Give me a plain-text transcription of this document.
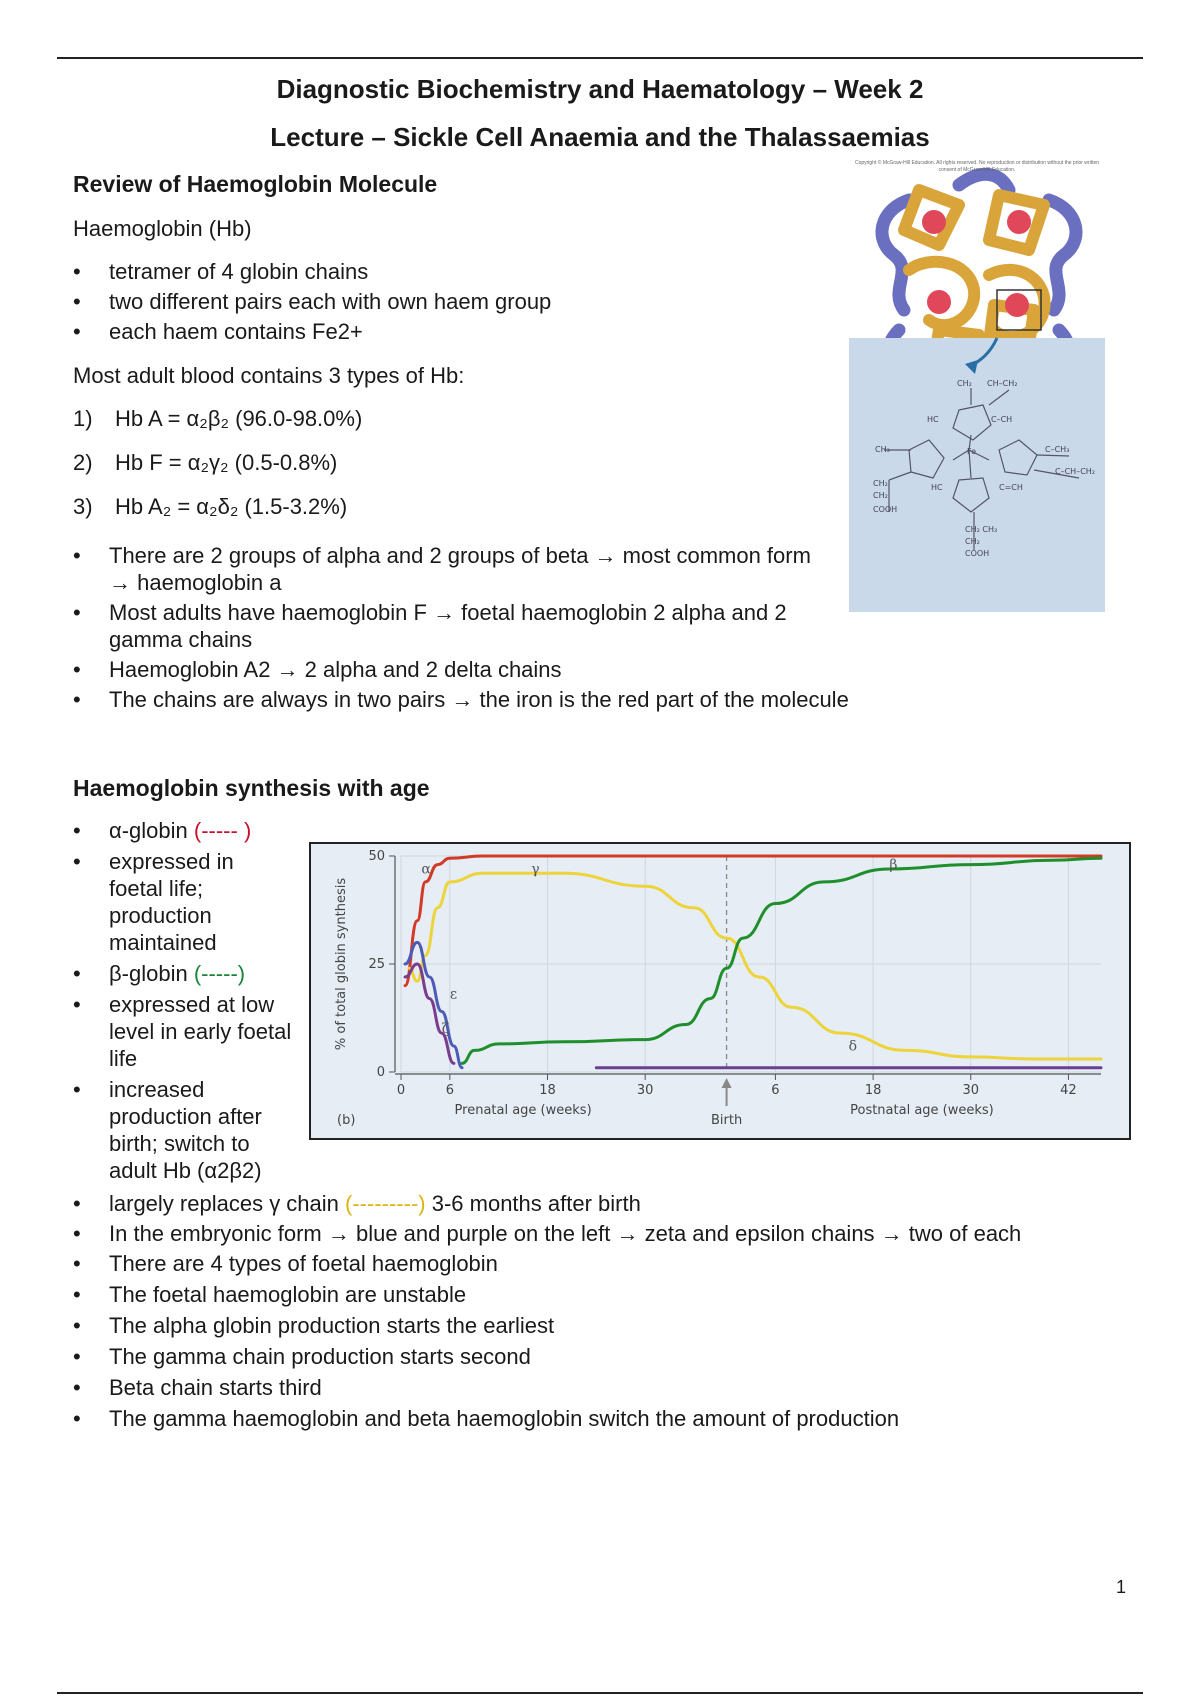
Diagnostic Biochemistry and Haematology – Week 2
Lecture – Sickle Cell Anaemia and the Thalassaemias
Review of Haemoglobin Molecule
Haemoglobin (Hb)
• tetramer of 4 globin chains
• two different pairs each with own haem group
• each haem contains Fe2+
Most adult blood contains 3 types of Hb:
1) Hb A = α₂β₂ (96.0-98.0%)
2) Hb F = α₂γ₂ (0.5-0.8%)
3) Hb A₂ = α₂δ₂ (1.5-3.2%)
• There are 2 groups of alpha and 2 groups of beta → most common form → haemoglobin a
• Most adults have haemoglobin F → foetal haemoglobin 2 alpha and 2 gamma chains
• Haemoglobin A2 → 2 alpha and 2 delta chains
• The chains are always in two pairs → the iron is the red part of the molecule
Copyright © McGraw-Hill Education. All rights reserved. No reproduction or distribution without the prior written consent of McGraw-Hill Education.
CH₂ CH–CH₂
HC	C–CH
CH₃	Fe	C–CH₃
C–CH–CH₂
CH₂
CH₂
COOH
HC	C=CH
CH₂ CH₃
CH₂
COOH
Haemoglobin synthesis with age
• α-globin (----- )
• expressed in foetal life; production maintained
• β-globin (-----)
• expressed at low level in early foetal life
• increased production after birth; switch to adult Hb (α2β2)
0
25
50
0	6	18	30	6	18	30	42
α	γ	β
δ
ε
ζ
% of total globin synthesis
Prenatal age (weeks)	Postnatal age (weeks)
Birth
(b)
• largely replaces γ chain (---------) 3-6 months after birth
• In the embryonic form → blue and purple on the left → zeta and epsilon chains → two of each
• There are 4 types of foetal haemoglobin
• The foetal haemoglobin are unstable
• The alpha globin production starts the earliest
• The gamma chain production starts second
• Beta chain starts third
• The gamma haemoglobin and beta haemoglobin switch the amount of production
1
